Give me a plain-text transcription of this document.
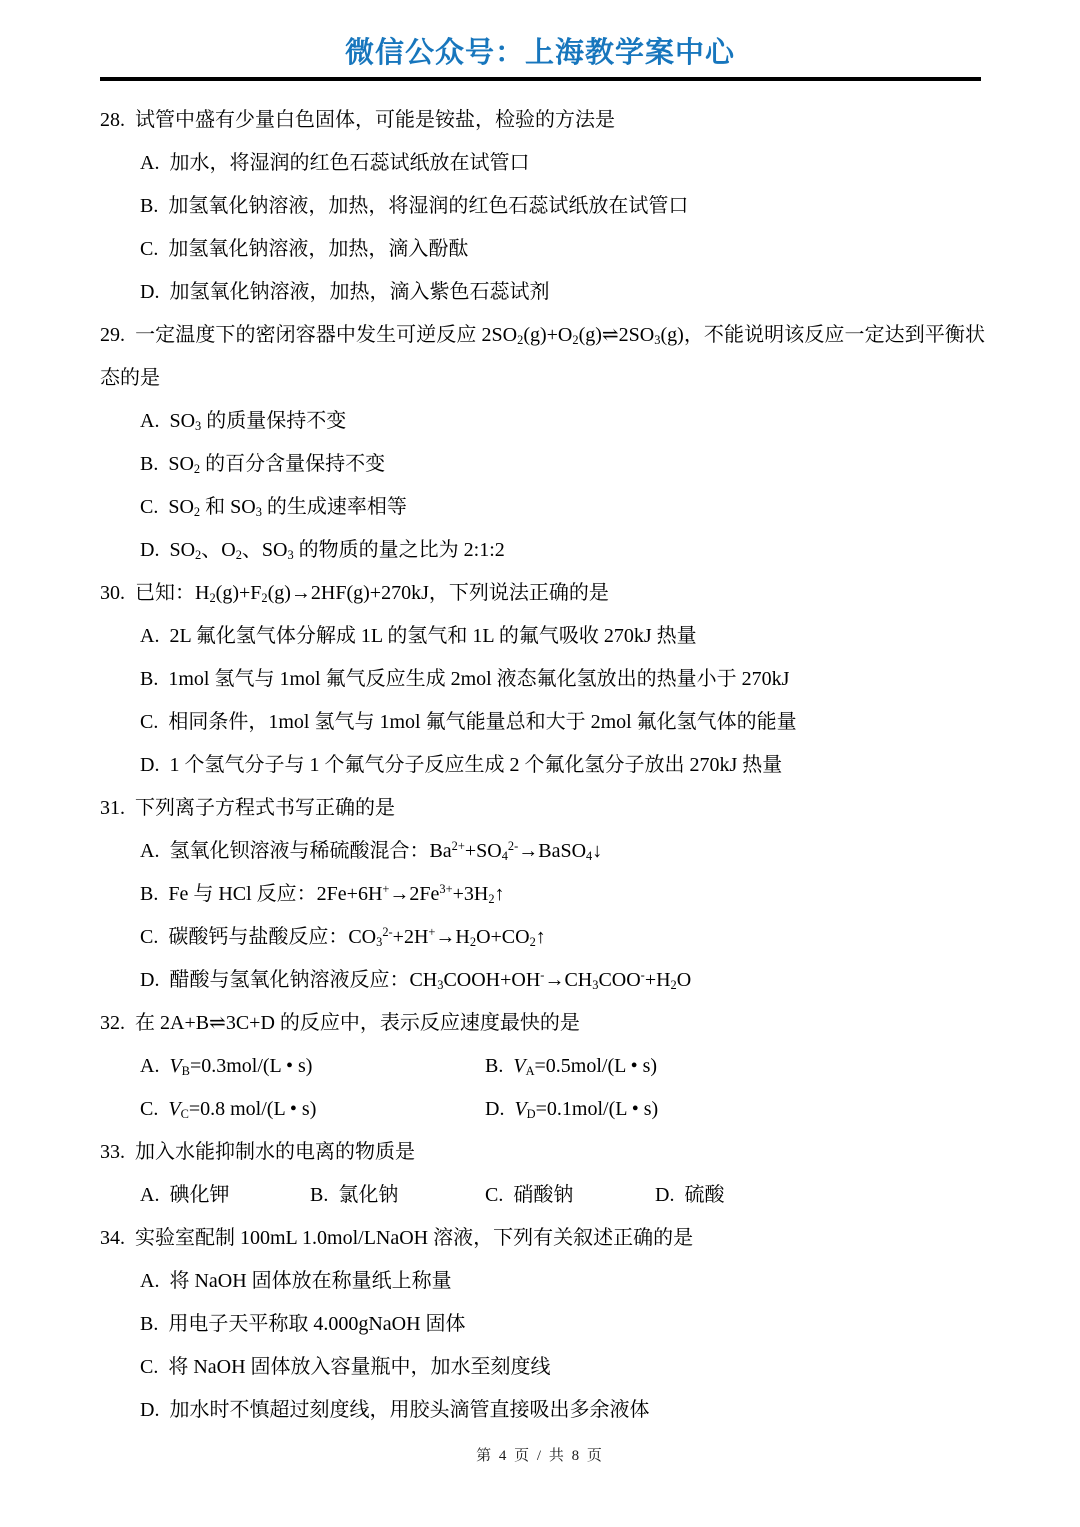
微信公众号：上海教学案中心

28. 试管中盛有少量白色固体，可能是铵盐，检验的方法是

A. 加水，将湿润的红色石蕊试纸放在试管口

B. 加氢氧化钠溶液，加热，将湿润的红色石蕊试纸放在试管口

C. 加氢氧化钠溶液，加热，滴入酚酞

D. 加氢氧化钠溶液，加热，滴入紫色石蕊试剂

29. 一定温度下的密闭容器中发生可逆反应 $2SO_2(g)+O_2(g)\rightleftharpoons 2SO_3(g)$，不能说明该反应一定达到平衡状态的是

A. $SO_3$ 的质量保持不变

B. $SO_2$ 的百分含量保持不变

C. $SO_2$ 和 $SO_3$ 的生成速率相等

D. $SO_2$、$O_2$、$SO_3$ 的物质的量之比为 2:1:2

30. 已知：$H_2(g)+F_2(g)\to 2HF(g)+270kJ$，下列说法正确的是

A. 2L 氟化氢气体分解成 1L 的氢气和 1L 的氟气吸收 270kJ 热量

B. 1mol 氢气与 1mol 氟气反应生成 2mol 液态氟化氢放出的热量小于 270kJ

C. 相同条件，1mol 氢气与 1mol 氟气能量总和大于 2mol 氟化氢气体的能量

D. 1 个氢气分子与 1 个氟气分子反应生成 2 个氟化氢分子放出 270kJ 热量

31. 下列离子方程式书写正确的是

A. 氢氧化钡溶液与稀硫酸混合：$Ba^{2+}+SO_4^{2-}\to BaSO_4↓$

B. Fe 与 HCl 反应：$2Fe+6H^+\to 2Fe^{3+}+3H_2↑$

C. 碳酸钙与盐酸反应：$CO_3^{2-}+2H^+\to H_2O+CO_2↑$

D. 醋酸与氢氧化钠溶液反应：$CH_3COOH+OH^-\to CH_3COO^-+H_2O$

32. 在 2A+B⇌3C+D 的反应中，表示反应速度最快的是

A. $V_B=0.3mol/(L$ • s)	B. $V_A=0.5mol/(L$ • s)

C. $V_C=0.8$ mol/(L • s)	D. $V_D=0.1mol/(L$ • s)

33. 加入水能抑制水的电离的物质是

A. 碘化钾	B. 氯化钠	C. 硝酸钠	D. 硫酸

34. 实验室配制 100mL 1.0mol/LNaOH 溶液，下列有关叙述正确的是

A. 将 NaOH 固体放在称量纸上称量

B. 用电子天平称取 4.000gNaOH 固体

C. 将 NaOH 固体放入容量瓶中，加水至刻度线

D. 加水时不慎超过刻度线，用胶头滴管直接吸出多余液体

第 4 页 / 共 8 页
